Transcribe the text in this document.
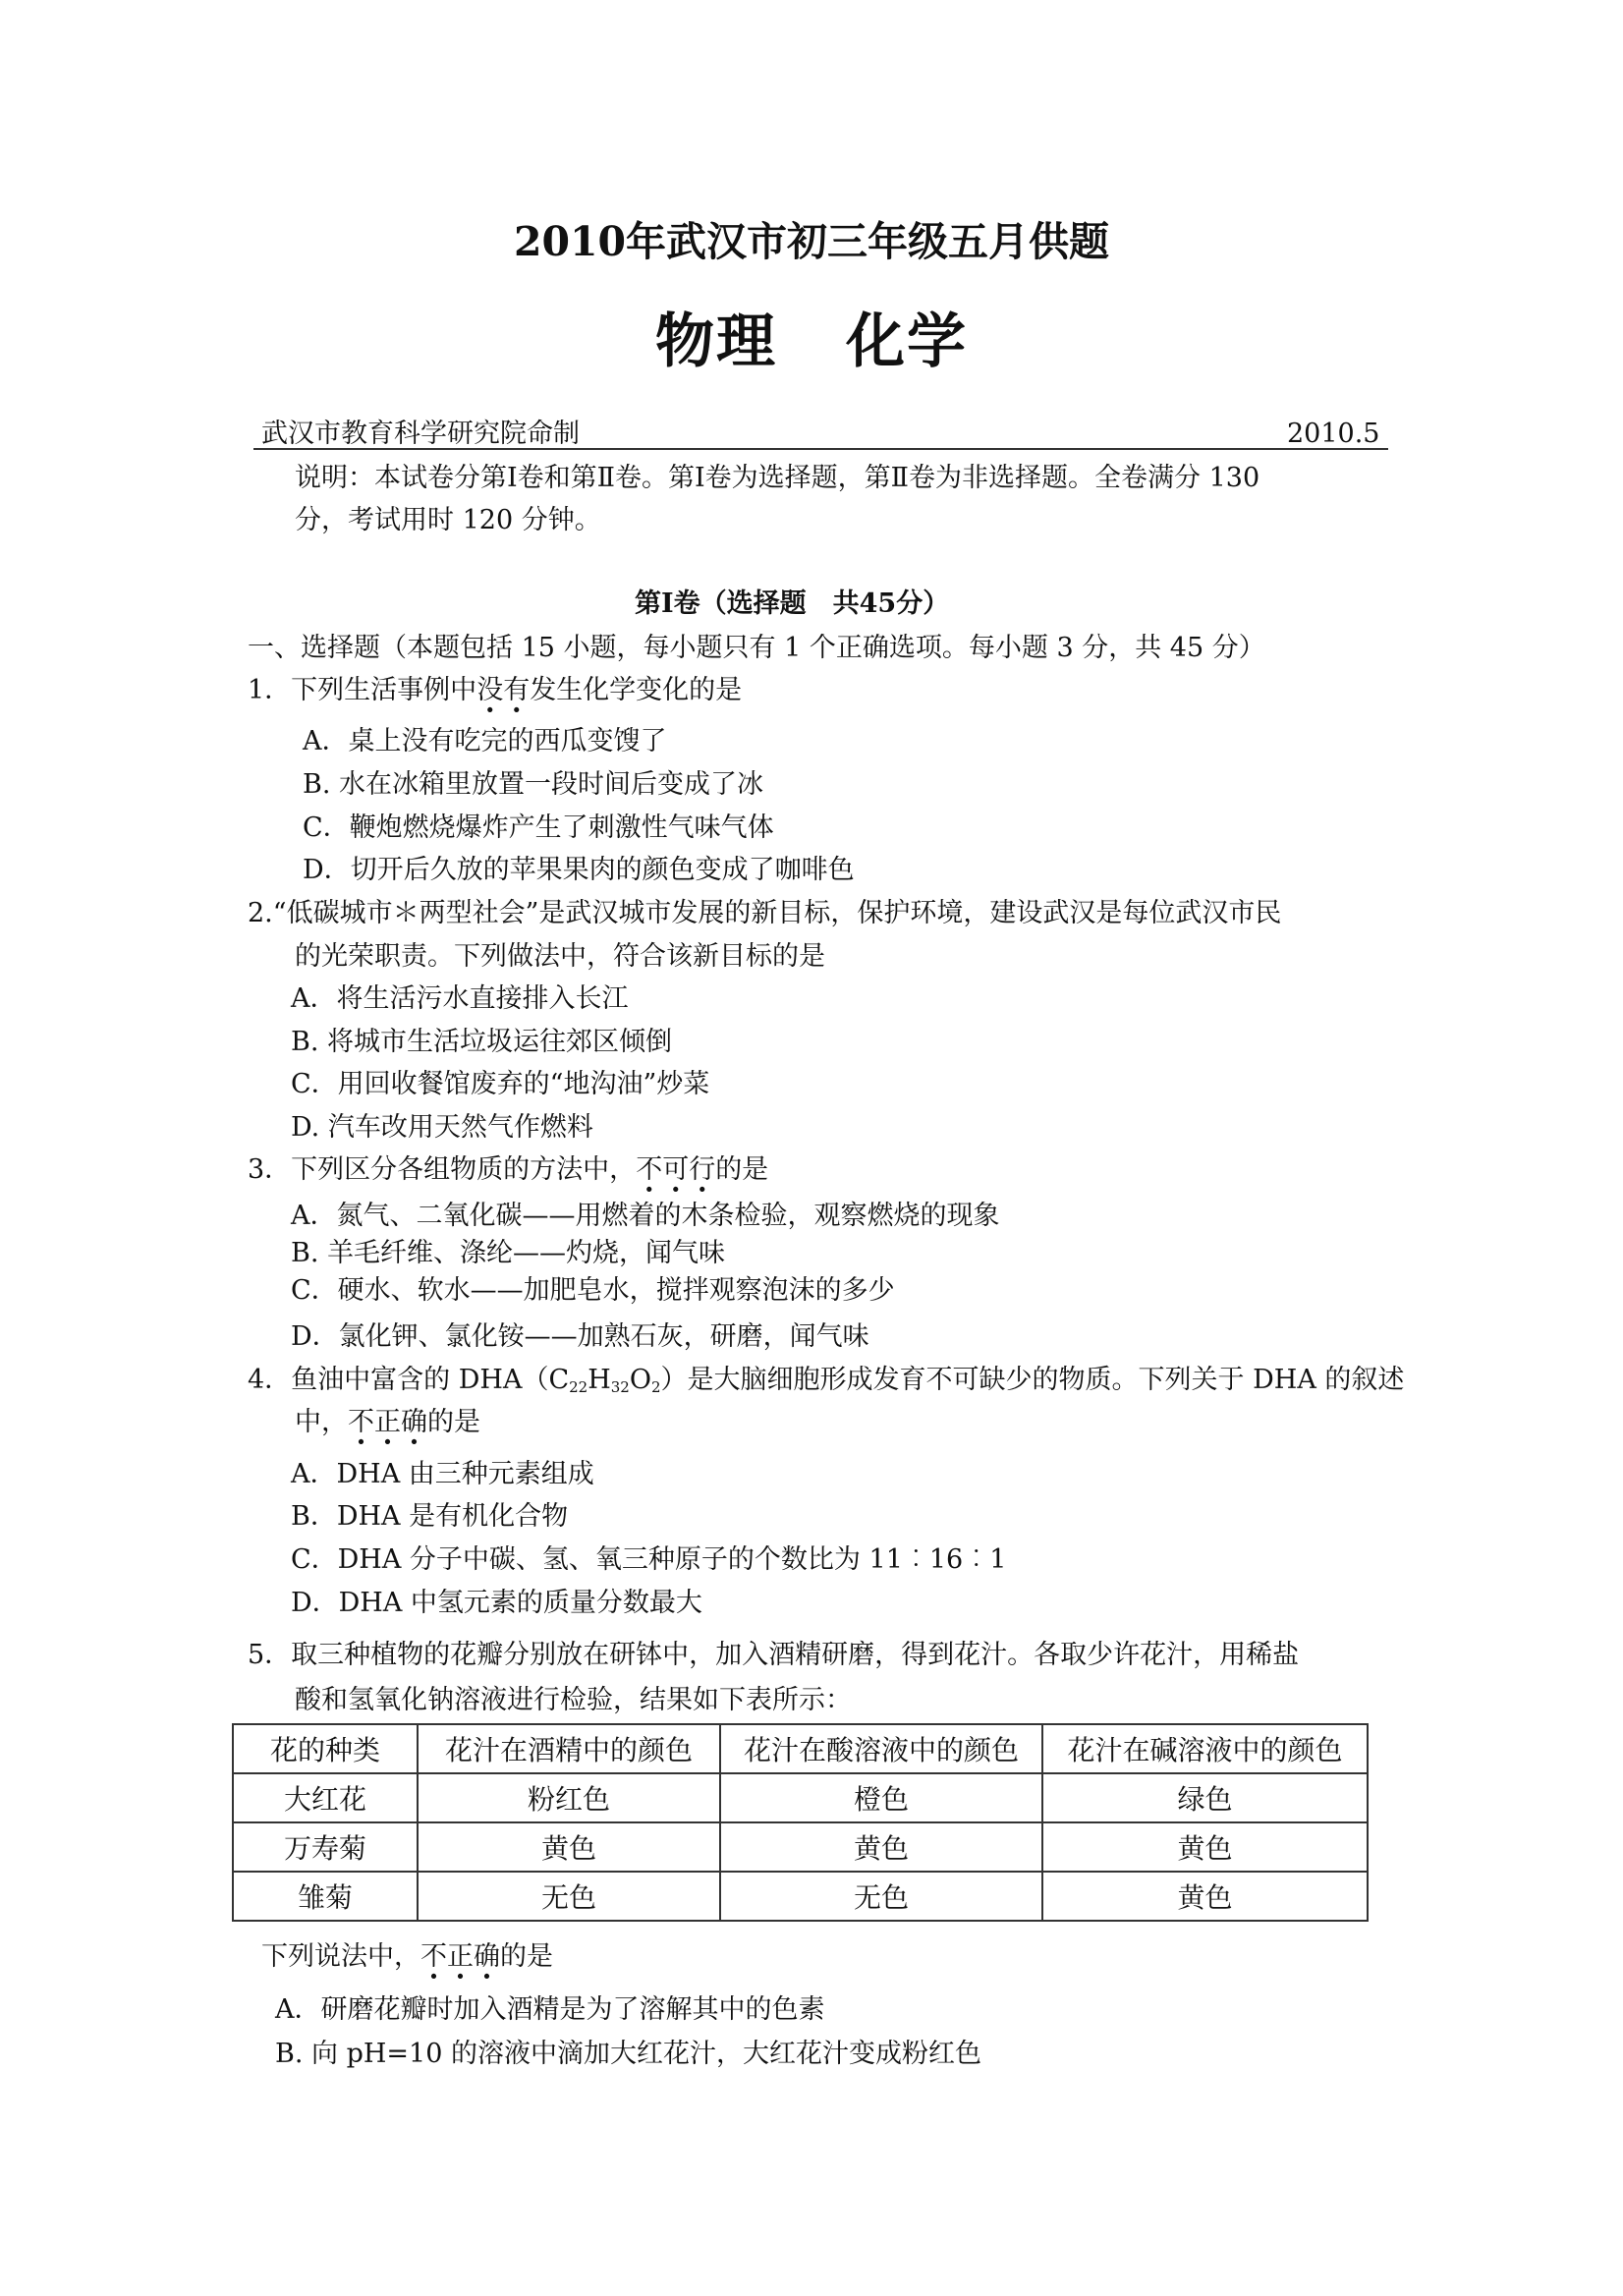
2010年武汉市初三年级五月供题
物理 化学
武汉市教育科学研究院命制	2010.5
说明：本试卷分第Ⅰ卷和第Ⅱ卷。第Ⅰ卷为选择题，第Ⅱ卷为非选择题。全卷满分 130
分，考试用时 120 分钟。
第Ⅰ卷（选择题　共45分）
一、选择题（本题包括 15 小题，每小题只有 1 个正确选项。每小题 3 分，共 45 分）
1．下列生活事例中没有发生化学变化的是
A．桌上没有吃完的西瓜变馊了
B. 水在冰箱里放置一段时间后变成了冰
C．鞭炮燃烧爆炸产生了刺激性气味气体
D．切开后久放的苹果果肉的颜色变成了咖啡色
2.“低碳城市＊两型社会”是武汉城市发展的新目标，保护环境，建设武汉是每位武汉市民
的光荣职责。下列做法中，符合该新目标的是
A．将生活污水直接排入长江
B. 将城市生活垃圾运往郊区倾倒
C．用回收餐馆废弃的“地沟油”炒菜
D. 汽车改用天然气作燃料
3．下列区分各组物质的方法中，不可行的是
A．氮气、二氧化碳——用燃着的木条检验，观察燃烧的现象
B. 羊毛纤维、涤纶——灼烧，闻气味
C．硬水、软水——加肥皂水，搅拌观察泡沫的多少
D．氯化钾、氯化铵——加熟石灰，研磨，闻气味
4．鱼油中富含的 $DHA(C_{22}H_{32}O_2)$是大脑细胞形成发育不可缺少的物质。下列关于 DHA 的叙述
中，不正确的是
A．DHA 由三种元素组成
B．DHA 是有机化合物
C．DHA 分子中碳、氢、氧三种原子的个数比为 11︰16︰1
D．DHA 中氢元素的质量分数最大
5．取三种植物的花瓣分别放在研钵中，加入酒精研磨，得到花汁。各取少许花汁，用稀盐
酸和氢氧化钠溶液进行检验，结果如下表所示：
花的种类	花汁在酒精中的颜色	花汁在酸溶液中的颜色	花汁在碱溶液中的颜色
大红花	粉红色	橙色	绿色
万寿菊	黄色	黄色	黄色
雏菊	无色	无色	黄色
下列说法中，不正确的是
A．研磨花瓣时加入酒精是为了溶解其中的色素
B. 向 pH=10 的溶液中滴加大红花汁，大红花汁变成粉红色
